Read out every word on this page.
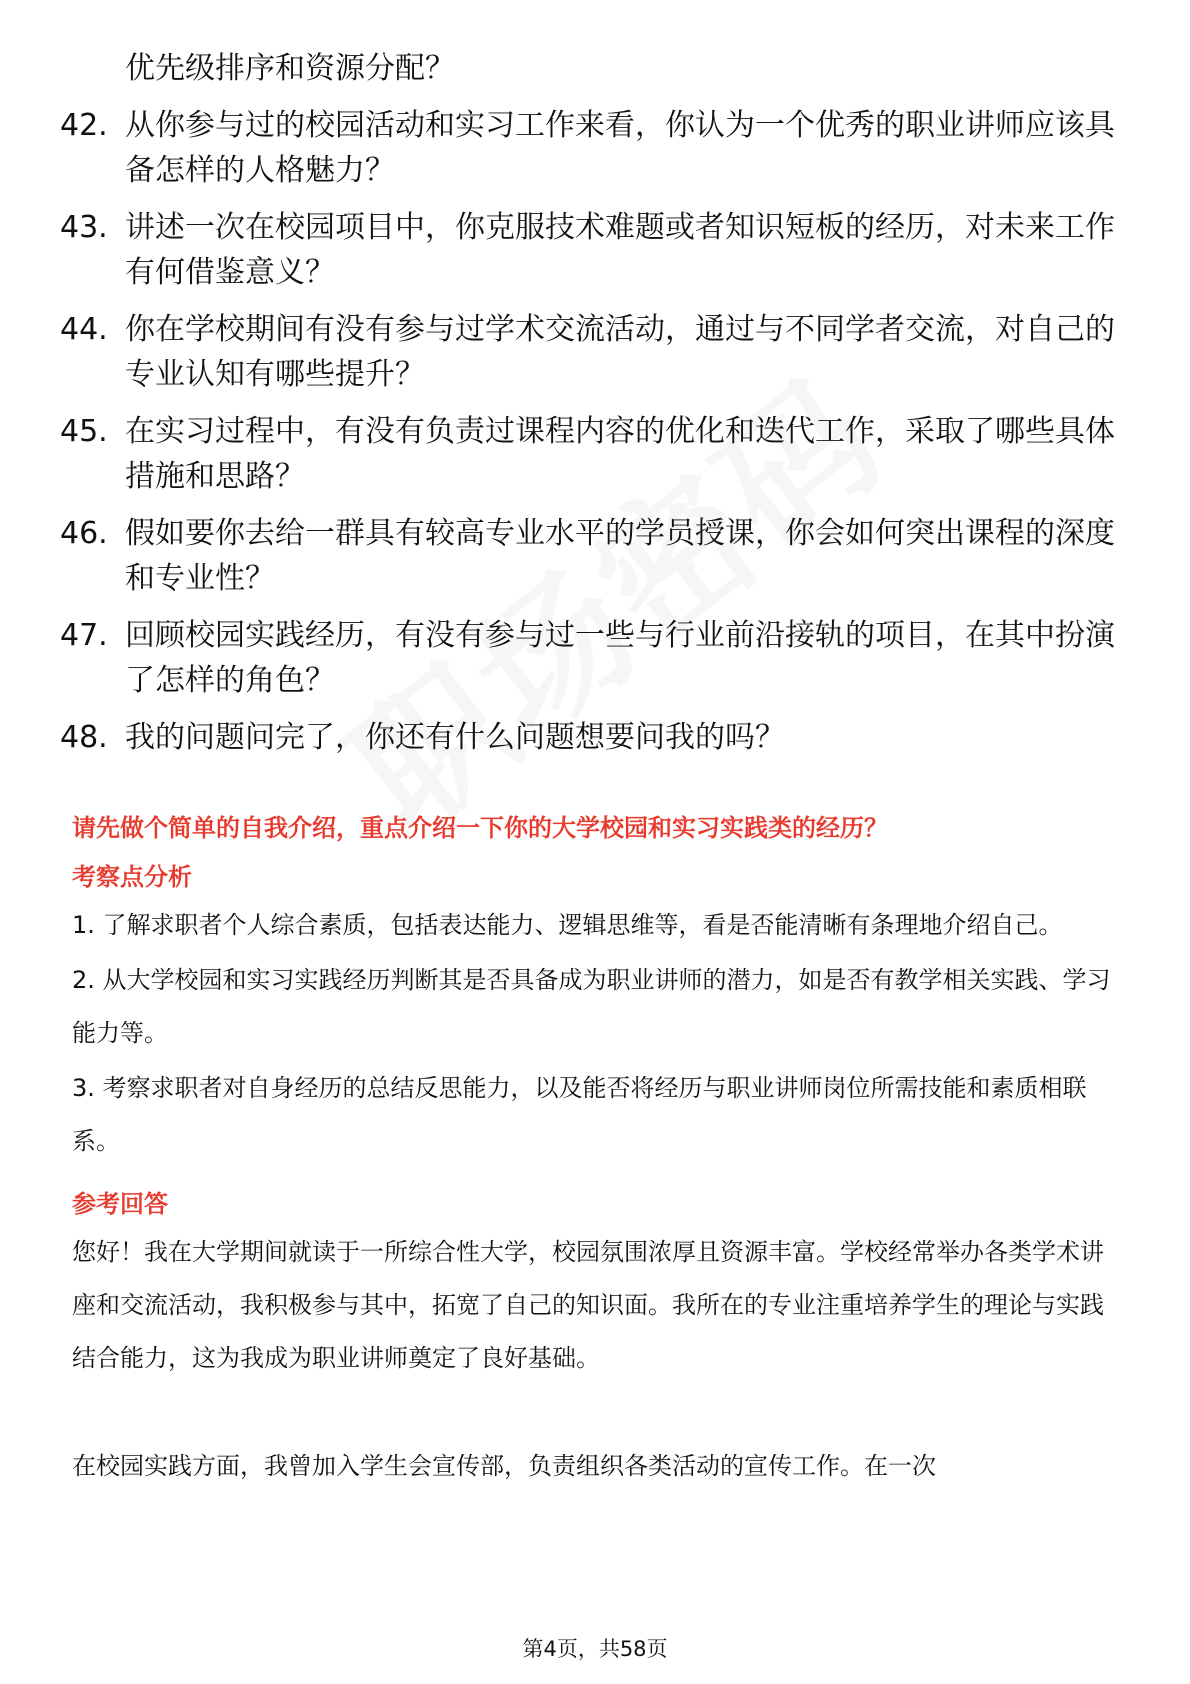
优先级排序和资源分配？
42. 从你参与过的校园活动和实习工作来看，你认为一个优秀的职业讲师应该具备怎样的人格魅力？
43. 讲述一次在校园项目中，你克服技术难题或者知识短板的经历，对未来工作有何借鉴意义？
44. 你在学校期间有没有参与过学术交流活动，通过与不同学者交流，对自己的专业认知有哪些提升？
45. 在实习过程中，有没有负责过课程内容的优化和迭代工作，采取了哪些具体措施和思路？
46. 假如要你去给一群具有较高专业水平的学员授课，你会如何突出课程的深度和专业性？
47. 回顾校园实践经历，有没有参与过一些与行业前沿接轨的项目，在其中扮演了怎样的角色？
48. 我的问题问完了，你还有什么问题想要问我的吗？
请先做个简单的自我介绍，重点介绍一下你的大学校园和实习实践类的经历？
考察点分析

1. 了解求职者个人综合素质，包括表达能力、逻辑思维等，看是否能清晰有条理地介绍自己。

2. 从大学校园和实习实践经历判断其是否具备成为职业讲师的潜力，如是否有教学相关实践、学习能力等。

3. 考察求职者对自身经历的总结反思能力，以及能否将经历与职业讲师岗位所需技能和素质相联系。

参考回答

您好！我在大学期间就读于一所综合性大学，校园氛围浓厚且资源丰富。学校经常举办各类学术讲座和交流活动，我积极参与其中，拓宽了自己的知识面。我所在的专业注重培养学生的理论与实践结合能力，这为我成为职业讲师奠定了良好基础。

在校园实践方面，我曾加入学生会宣传部，负责组织各类活动的宣传工作。在一次

第4页，共58页
